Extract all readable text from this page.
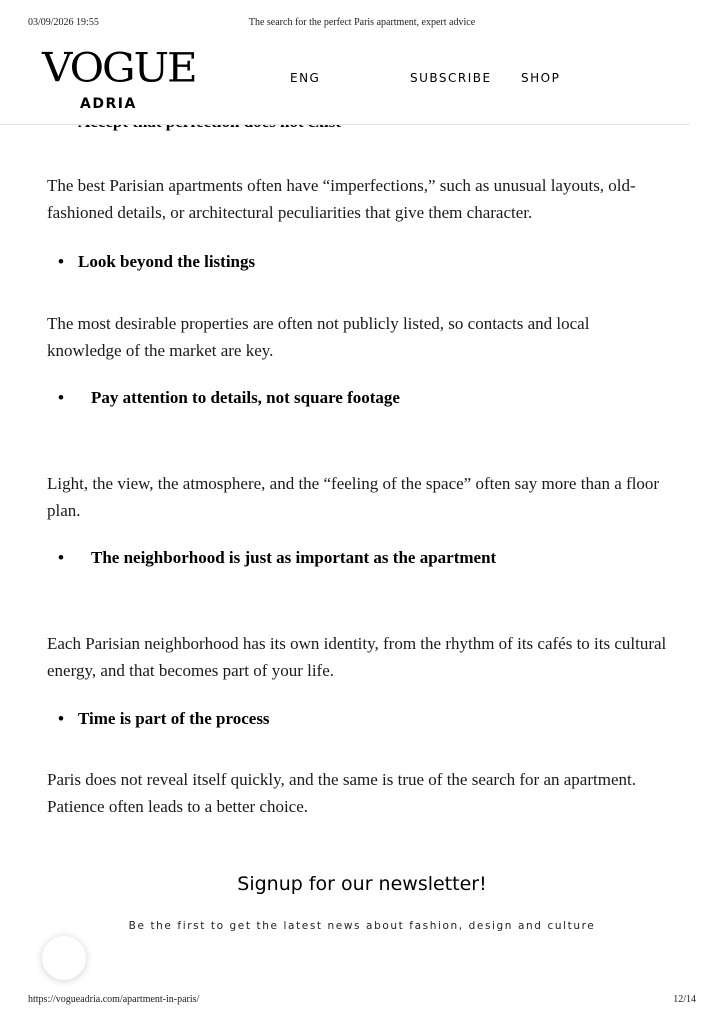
03/09/2026 19:55	The search for the perfect Paris apartment, expert advice
VOGUE
ADRIA
ENG	SUBSCRIBE SHOP

The best Parisian apartments often have “imperfections,” such as unusual layouts, old-fashioned details, or architectural peculiarities that give them character.

• Look beyond the listings

The most desirable properties are often not publicly listed, so contacts and local knowledge of the market are key.

• Pay attention to details, not square footage

Light, the view, the atmosphere, and the “feeling of the space” often say more than a floor plan.

• The neighborhood is just as important as the apartment

Each Parisian neighborhood has its own identity, from the rhythm of its cafés to its cultural energy, and that becomes part of your life.

• Time is part of the process

Paris does not reveal itself quickly, and the same is true of the search for an apartment. Patience often leads to a better choice.

Signup for our newsletter!
Be the first to get the latest news about fashion, design and culture
https://vogueadria.com/apartment-in-paris/	12/14
